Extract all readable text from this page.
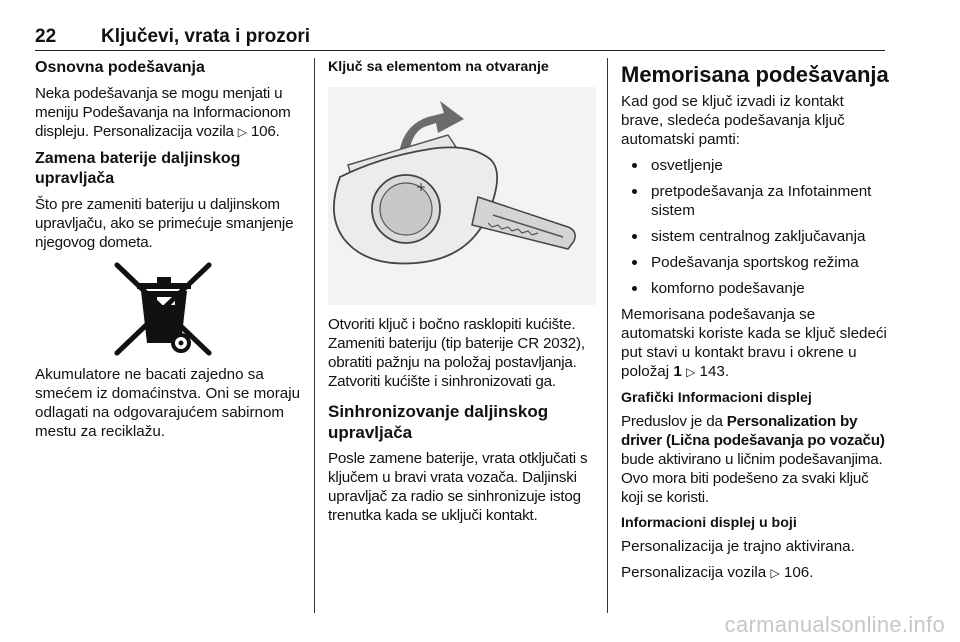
22 Ključevi, vrata i prozori
Osnovna podešavanja

Neka podešavanja se mogu menjati u meniju Podešavanja na Informacionom displeju. Personalizacija vozila ▷ 106.

Zamena baterije daljinskog upravljača

Što pre zameniti bateriju u daljinskom upravljaču, ako se primećuje smanjenje njegovog dometa.

Akumulatore ne bacati zajedno sa smećem iz domaćinstva. Oni se moraju odlagati na odgovarajućem sabirnom mestu za reciklažu.

Ključ sa elementom na otvaranje
+

Otvoriti ključ i bočno rasklopiti kućište. Zameniti bateriju (tip baterije CR 2032), obratiti pažnju na položaj postavljanja. Zatvoriti kućište i sinhronizovati ga.

Sinhronizovanje daljinskog upravljača

Posle zamene baterije, vrata otključati s ključem u bravi vrata vozača. Daljinski upravljač za radio se sinhronizuje istog trenutka kada se uključi kontakt.

Memorisana podešavanja

Kad god se ključ izvadi iz kontakt brave, sledeća podešavanja ključ automatski pamti:

osvetljenje
pretpodešavanja za Infotainment sistem
sistem centralnog zaključavanja
Podešavanja sportskog režima
komforno podešavanje

Memorisana podešavanja se automatski koriste kada se ključ sledeći put stavi u kontakt bravu i okrene u položaj 1 ▷ 143.

Grafički Informacioni displej

Preduslov je da Personalization by driver (Lična podešavanja po vozaču) bude aktivirano u ličnim podešavanjima. Ovo mora biti podešeno za svaki ključ koji se koristi.

Informacioni displej u boji

Personalizacija je trajno aktivirana.

Personalizacija vozila ▷ 106.

carmanualsonline.info
